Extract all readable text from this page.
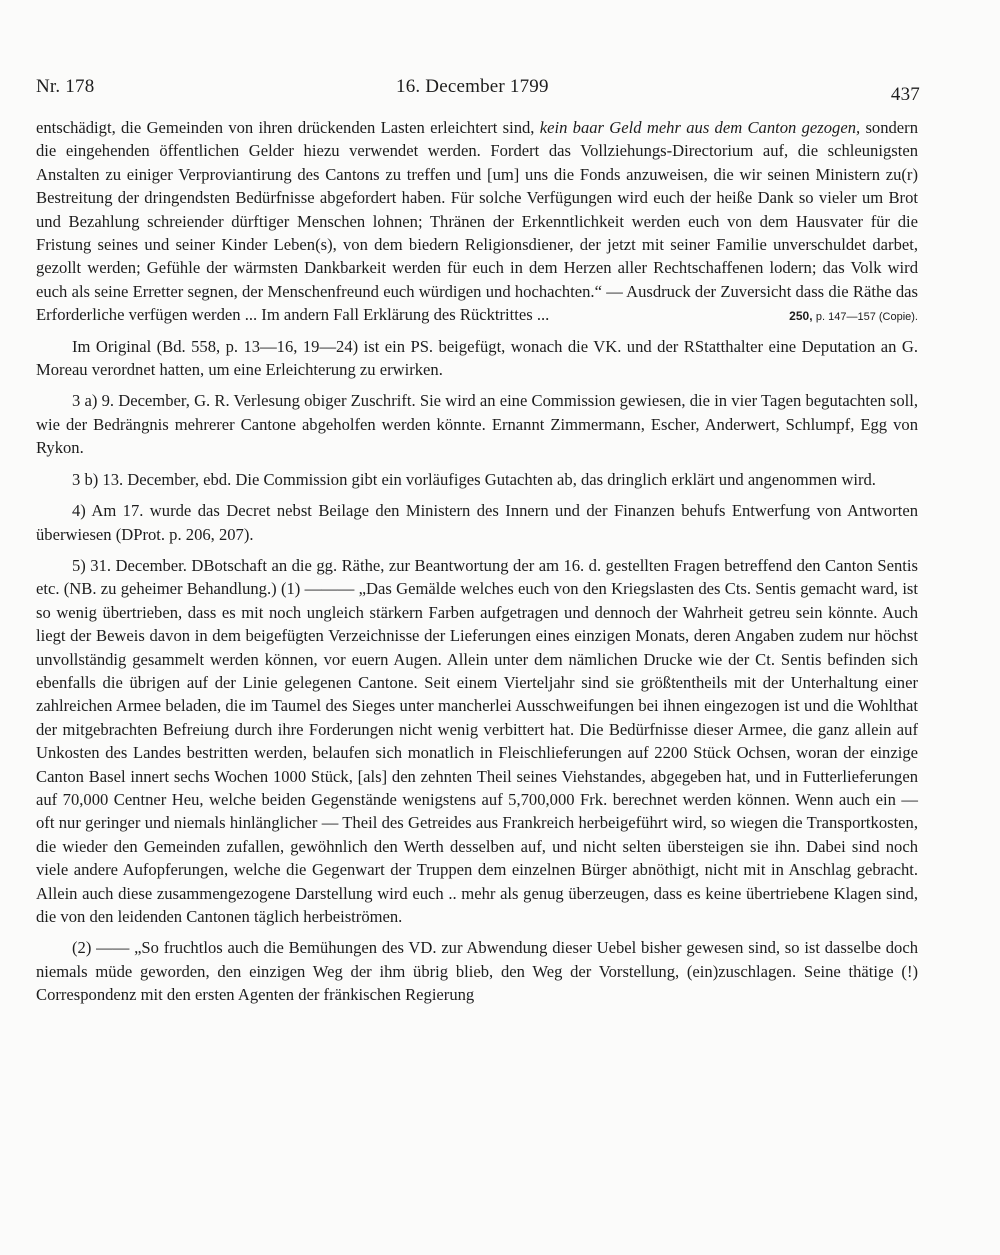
Nr. 178	16. December 1799	437

entschädigt, die Gemeinden von ihren drückenden Lasten erleichtert sind, kein baar Geld mehr aus dem Canton gezogen, sondern die eingehenden öffentlichen Gelder hiezu verwendet werden. Fordert das Vollziehungs-Directorium auf, die schleunigsten Anstalten zu einiger Verproviantirung des Cantons zu treffen und [um] uns die Fonds anzuweisen, die wir seinen Ministern zu(r) Bestreitung der dringendsten Bedürfnisse abgefordert haben. Für solche Verfügungen wird euch der heiße Dank so vieler um Brot und Bezahlung schreiender dürftiger Menschen lohnen; Thränen der Erkenntlichkeit werden euch von dem Hausvater für die Fristung seines und seiner Kinder Leben(s), von dem biedern Religionsdiener, der jetzt mit seiner Familie unverschuldet darbet, gezollt werden; Gefühle der wärmsten Dankbarkeit werden für euch in dem Herzen aller Rechtschaffenen lodern; das Volk wird euch als seine Erretter segnen, der Menschenfreund euch würdigen und hochachten.“ — Ausdruck der Zuversicht dass die Räthe das Erforderliche verfügen werden ... Im andern Fall Erklärung des Rücktrittes ...	250, p. 147—157 (Copie).

Im Original (Bd. 558, p. 13—16, 19—24) ist ein PS. beigefügt, wonach die VK. und der RStatthalter eine Deputation an G. Moreau verordnet hatten, um eine Erleichterung zu erwirken.

3 a) 9. December, G. R. Verlesung obiger Zuschrift. Sie wird an eine Commission gewiesen, die in vier Tagen begutachten soll, wie der Bedrängnis mehrerer Cantone abgeholfen werden könnte. Ernannt Zimmermann, Escher, Anderwert, Schlumpf, Egg von Rykon.

3 b) 13. December, ebd. Die Commission gibt ein vorläufiges Gutachten ab, das dringlich erklärt und angenommen wird.

4) Am 17. wurde das Decret nebst Beilage den Ministern des Innern und der Finanzen behufs Entwerfung von Antworten überwiesen (DProt. p. 206, 207).

5) 31. December. DBotschaft an die gg. Räthe, zur Beantwortung der am 16. d. gestellten Fragen betreffend den Canton Sentis etc. (NB. zu geheimer Behandlung.) (1) ——— „Das Gemälde welches euch von den Kriegslasten des Cts. Sentis gemacht ward, ist so wenig übertrieben, dass es mit noch ungleich stärkern Farben aufgetragen und dennoch der Wahrheit getreu sein könnte. Auch liegt der Beweis davon in dem beigefügten Verzeichnisse der Lieferungen eines einzigen Monats, deren Angaben zudem nur höchst unvollständig gesammelt werden können, vor euern Augen. Allein unter dem nämlichen Drucke wie der Ct. Sentis befinden sich ebenfalls die übrigen auf der Linie gelegenen Cantone. Seit einem Vierteljahr sind sie größtentheils mit der Unterhaltung einer zahlreichen Armee beladen, die im Taumel des Sieges unter mancherlei Ausschweifungen bei ihnen eingezogen ist und die Wohlthat der mitgebrachten Befreiung durch ihre Forderungen nicht wenig verbittert hat. Die Bedürfnisse dieser Armee, die ganz allein auf Unkosten des Landes bestritten werden, belaufen sich monatlich in Fleischlieferungen auf 2200 Stück Ochsen, woran der einzige Canton Basel innert sechs Wochen 1000 Stück, [als] den zehnten Theil seines Viehstandes, abgegeben hat, und in Futterlieferungen auf 70,000 Centner Heu, welche beiden Gegenstände wenigstens auf 5,700,000 Frk. berechnet werden können. Wenn auch ein — oft nur geringer und niemals hinlänglicher — Theil des Getreides aus Frankreich herbeigeführt wird, so wiegen die Transportkosten, die wieder den Gemeinden zufallen, gewöhnlich den Werth desselben auf, und nicht selten übersteigen sie ihn. Dabei sind noch viele andere Aufopferungen, welche die Gegenwart der Truppen dem einzelnen Bürger abnöthigt, nicht mit in Anschlag gebracht. Allein auch diese zusammengezogene Darstellung wird euch .. mehr als genug überzeugen, dass es keine übertriebene Klagen sind, die von den leidenden Cantonen täglich herbeiströmen.

(2) —— „So fruchtlos auch die Bemühungen des VD. zur Abwendung dieser Uebel bisher gewesen sind, so ist dasselbe doch niemals müde geworden, den einzigen Weg der ihm übrig blieb, den Weg der Vorstellung, (ein)zuschlagen. Seine thätige (!) Correspondenz mit den ersten Agenten der fränkischen Regierung
